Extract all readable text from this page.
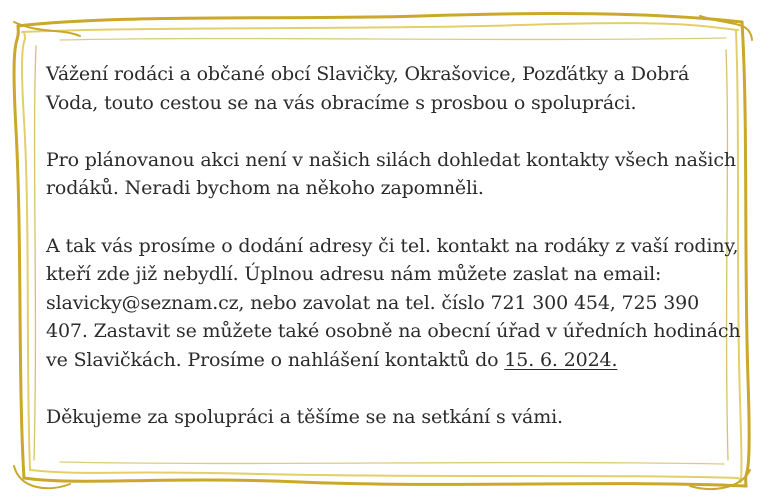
Vážení rodáci a občané obcí Slavičky, Okrašovice, Pozďátky a Dobrá Voda, touto cestou se na vás obracíme s prosbou o spolupráci.

Pro plánovanou akci není v našich silách dohledat kontakty všech našich rodáků. Neradi bychom na někoho zapomněli.

A tak vás prosíme o dodání adresy či tel. kontakt na rodáky z vaší rodiny, kteří zde již nebydlí. Úplnou adresu nám můžete zaslat na email: slavicky@seznam.cz, nebo zavolat na tel. číslo 721 300 454, 725 390 407. Zastavit se můžete také osobně na obecní úřad v úředních hodinách ve Slavičkách. Prosíme o nahlášení kontaktů do 15. 6. 2024.

Děkujeme za spolupráci a těšíme se na setkání s vámi.
